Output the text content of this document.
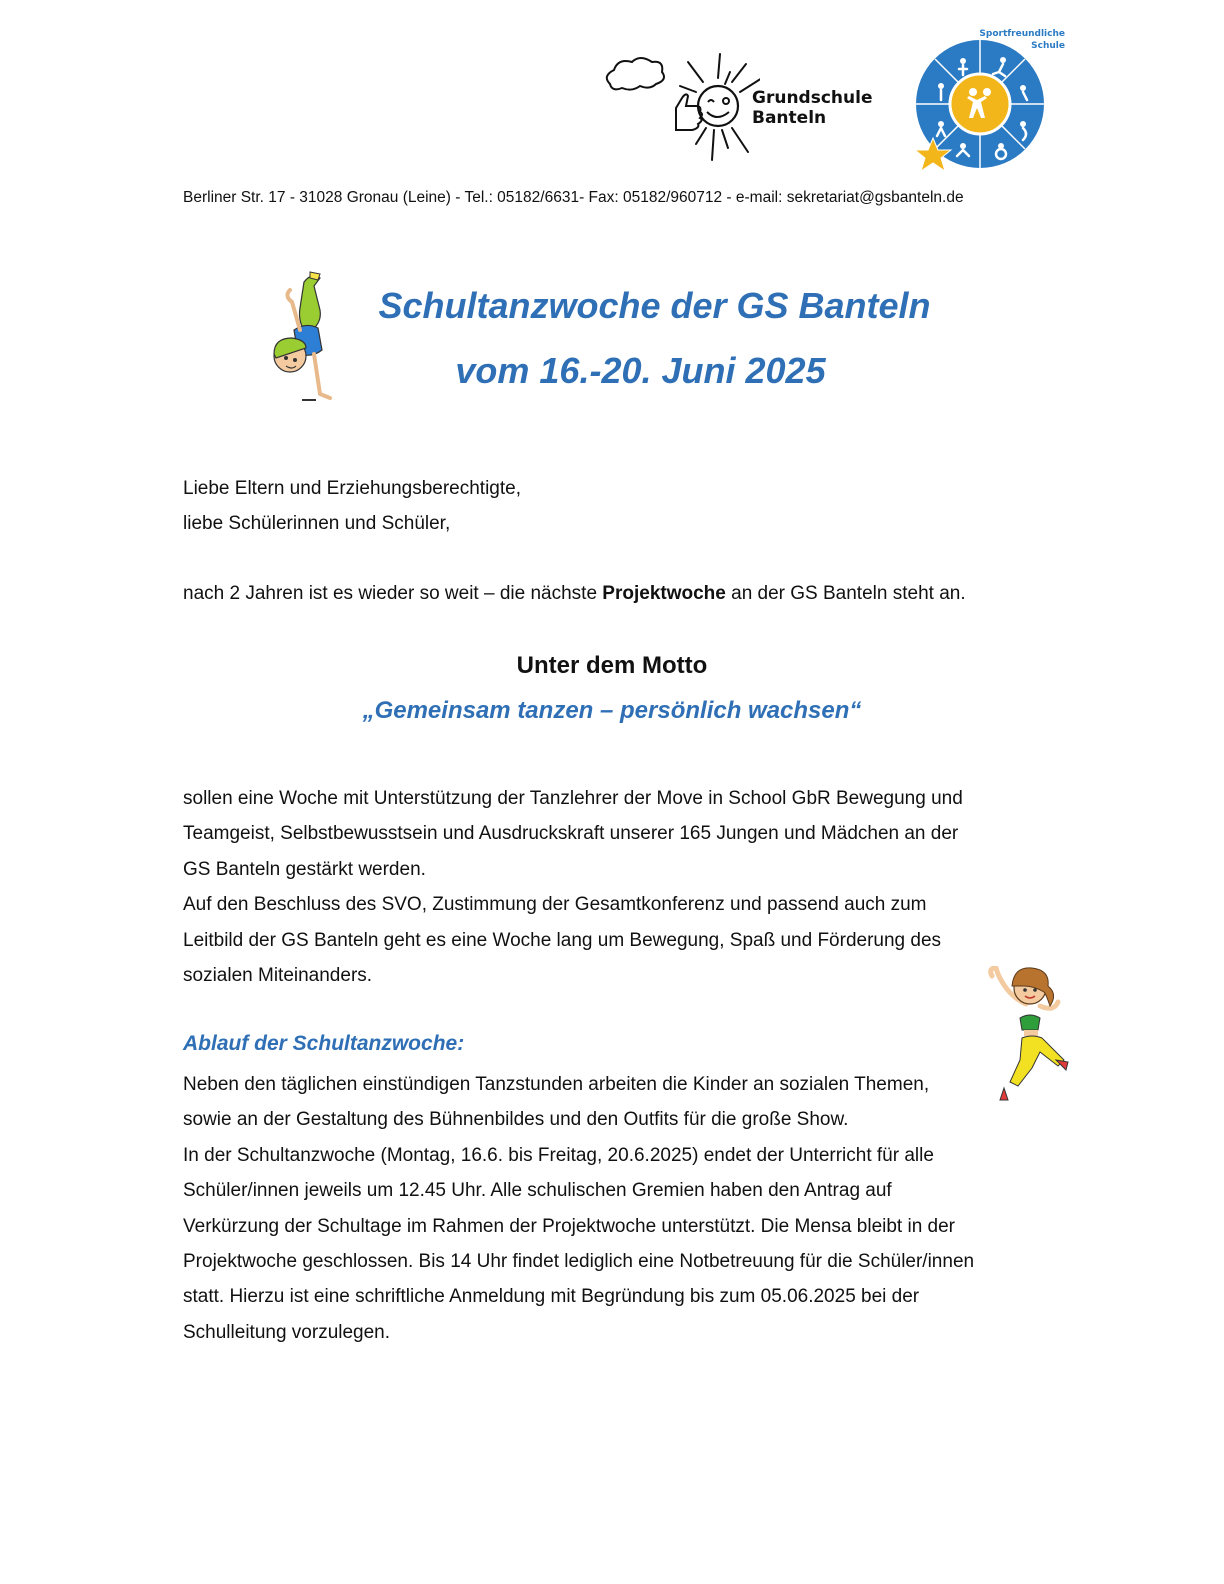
Grundschule
Banteln
Sportfreundliche
Schule
Berliner Str. 17 - 31028 Gronau (Leine) - Tel.: 05182/6631- Fax: 05182/960712 - e-mail: sekretariat@gsbanteln.de
Schultanzwoche der GS Banteln
vom 16.-20. Juni 2025
Liebe Eltern und Erziehungsberechtigte,
liebe Schülerinnen und Schüler,
nach 2 Jahren ist es wieder so weit – die nächste Projektwoche an der GS Banteln steht an.
Unter dem Motto
„Gemeinsam tanzen – persönlich wachsen“
sollen eine Woche mit Unterstützung der Tanzlehrer der Move in School GbR Bewegung und
Teamgeist, Selbstbewusstsein und Ausdruckskraft unserer 165 Jungen und Mädchen an der
GS Banteln gestärkt werden.
Auf den Beschluss des SVO, Zustimmung der Gesamtkonferenz und passend auch zum
Leitbild der GS Banteln geht es eine Woche lang um Bewegung, Spaß und Förderung des
sozialen Miteinanders.
Ablauf der Schultanzwoche:
Neben den täglichen einstündigen Tanzstunden arbeiten die Kinder an sozialen Themen,
sowie an der Gestaltung des Bühnenbildes und den Outfits für die große Show.
In der Schultanzwoche (Montag, 16.6. bis Freitag, 20.6.2025) endet der Unterricht für alle
Schüler/innen jeweils um 12.45 Uhr. Alle schulischen Gremien haben den Antrag auf
Verkürzung der Schultage im Rahmen der Projektwoche unterstützt. Die Mensa bleibt in der
Projektwoche geschlossen. Bis 14 Uhr findet lediglich eine Notbetreuung für die Schüler/innen
statt. Hierzu ist eine schriftliche Anmeldung mit Begründung bis zum 05.06.2025 bei der
Schulleitung vorzulegen.
